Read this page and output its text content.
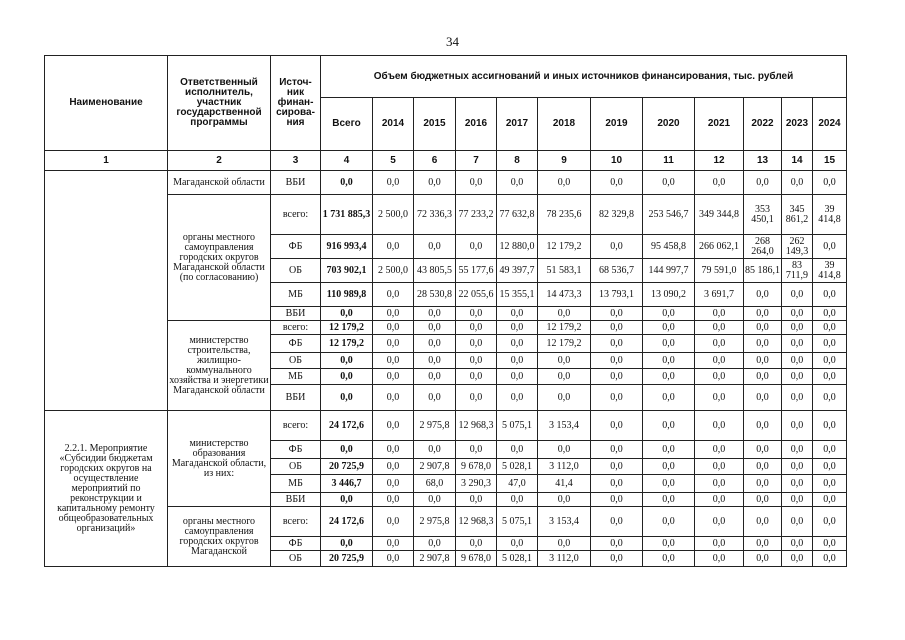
34
Наименование	Ответственный исполнитель, участник государственной программы	Источ-ник финан-сирова-ния	Объем бюджетных ассигнований и иных источников финансирования, тыс. рублей											
			Всего	2014	2015	2016	2017	2018	2019	2020	2021	2022	2023	2024
1	2	3	4	5	6	7	8	9	10	11	12	13	14	15
	Магаданской области	ВБИ	0,0	0,0	0,0	0,0	0,0	0,0	0,0	0,0	0,0	0,0	0,0	0,0
	органы местного самоуправления городских округов Магаданской области (по согласованию)	всего:	1 731 885,3	2 500,0	72 336,3	77 233,2	77 632,8	78 235,6	82 329,8	253 546,7	349 344,8	353 450,1	345 861,2	39 414,8
		ФБ	916 993,4	0,0	0,0	0,0	12 880,0	12 179,2	0,0	95 458,8	266 062,1	268 264,0	262 149,3	0,0
		ОБ	703 902,1	2 500,0	43 805,5	55 177,6	49 397,7	51 583,1	68 536,7	144 997,7	79 591,0	85 186,1	83 711,9	39 414,8
		МБ	110 989,8	0,0	28 530,8	22 055,6	15 355,1	14 473,3	13 793,1	13 090,2	3 691,7	0,0	0,0	0,0
		ВБИ	0,0	0,0	0,0	0,0	0,0	0,0	0,0	0,0	0,0	0,0	0,0	0,0
	министерство строительства, жилищно-коммунального хозяйства и энергетики Магаданской области	всего:	12 179,2	0,0	0,0	0,0	0,0	12 179,2	0,0	0,0	0,0	0,0	0,0	0,0
		ФБ	12 179,2	0,0	0,0	0,0	0,0	12 179,2	0,0	0,0	0,0	0,0	0,0	0,0
		ОБ	0,0	0,0	0,0	0,0	0,0	0,0	0,0	0,0	0,0	0,0	0,0	0,0
		МБ	0,0	0,0	0,0	0,0	0,0	0,0	0,0	0,0	0,0	0,0	0,0	0,0
		ВБИ	0,0	0,0	0,0	0,0	0,0	0,0	0,0	0,0	0,0	0,0	0,0	0,0
2.2.1. Мероприятие «Субсидии бюджетам городских округов на осуществление мероприятий по реконструкции и капитальному ремонту общеобразовательных организаций»	министерство образования Магаданской области, из них:	всего:	24 172,6	0,0	2 975,8	12 968,3	5 075,1	3 153,4	0,0	0,0	0,0	0,0	0,0	0,0
		ФБ	0,0	0,0	0,0	0,0	0,0	0,0	0,0	0,0	0,0	0,0	0,0	0,0
		ОБ	20 725,9	0,0	2 907,8	9 678,0	5 028,1	3 112,0	0,0	0,0	0,0	0,0	0,0	0,0
		МБ	3 446,7	0,0	68,0	3 290,3	47,0	41,4	0,0	0,0	0,0	0,0	0,0	0,0
		ВБИ	0,0	0,0	0,0	0,0	0,0	0,0	0,0	0,0	0,0	0,0	0,0	0,0
	органы местного самоуправления городских округов Магаданской	всего:	24 172,6	0,0	2 975,8	12 968,3	5 075,1	3 153,4	0,0	0,0	0,0	0,0	0,0	0,0
		ФБ	0,0	0,0	0,0	0,0	0,0	0,0	0,0	0,0	0,0	0,0	0,0	0,0
		ОБ	20 725,9	0,0	2 907,8	9 678,0	5 028,1	3 112,0	0,0	0,0	0,0	0,0	0,0	0,0
